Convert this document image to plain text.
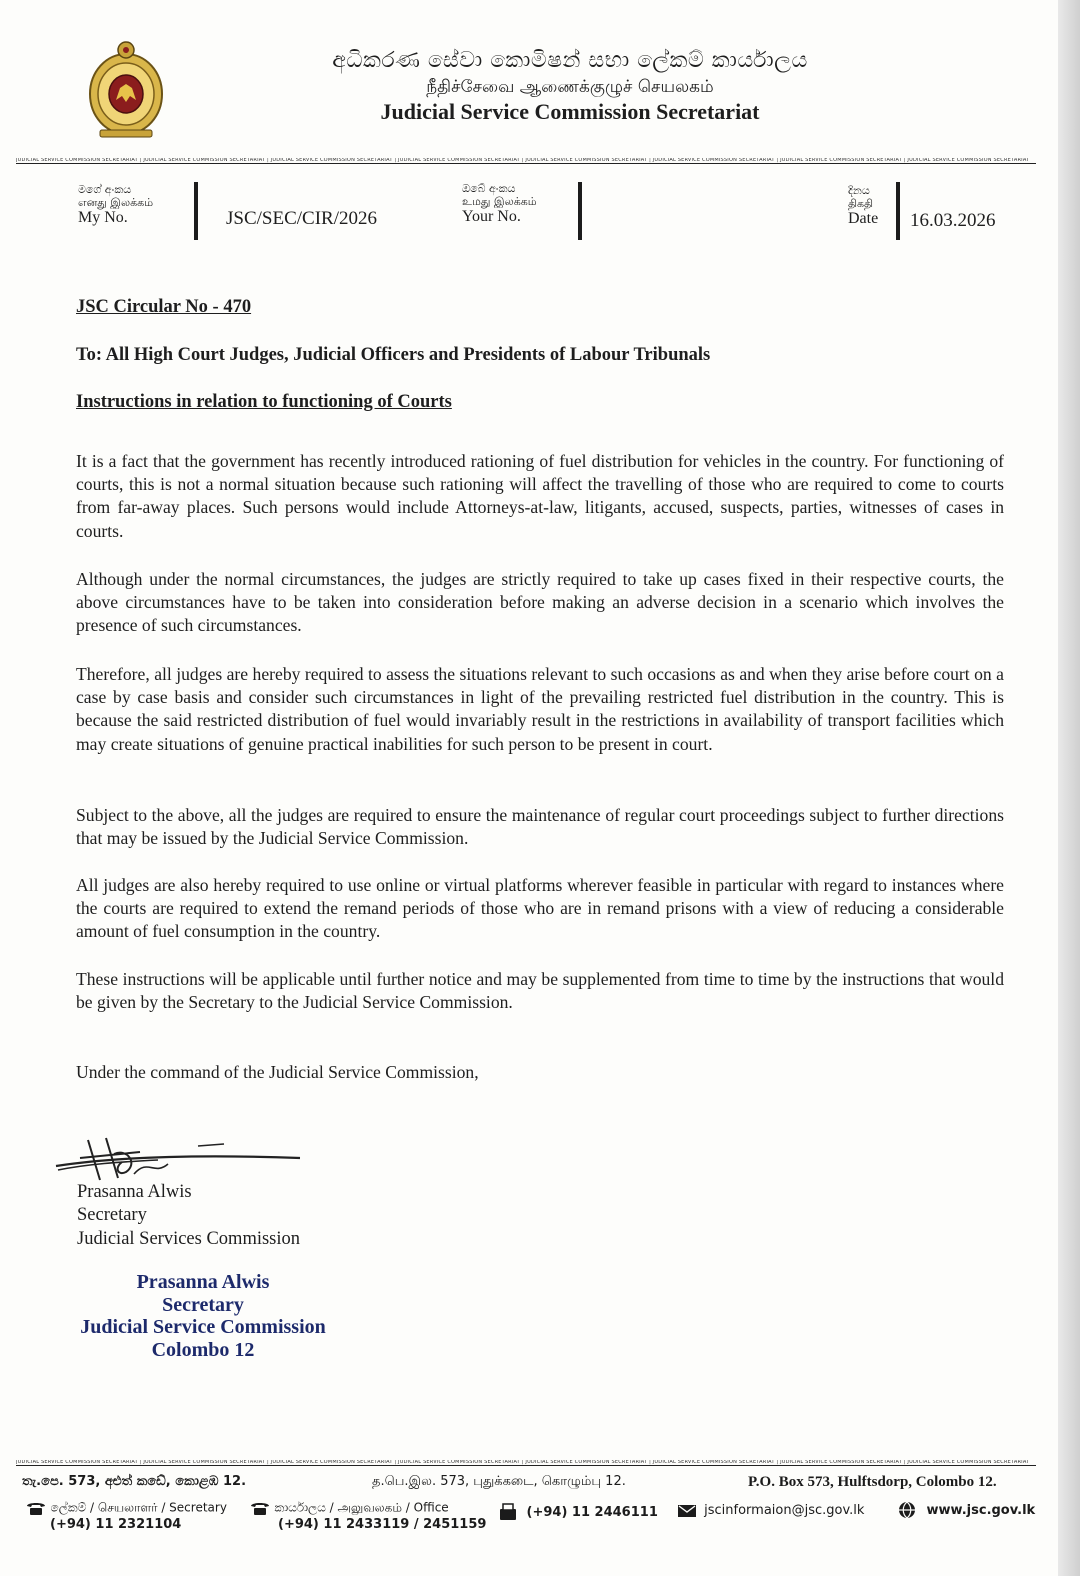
අධිකරණ සේවා කොමිෂන් සභා ලේකම් කාර්යාලය
நீதிச்சேவை ஆணைக்குழுச் செயலகம்
Judicial Service Commission Secretariat
JUDICIAL SERVICE COMMISSION SECRETARIAT | JUDICIAL SERVICE COMMISSION SECRETARIAT | JUDICIAL SERVICE COMMISSION SECRETARIAT | JUDICIAL SERVICE COMMISSION SECRETARIAT | JUDICIAL SERVICE COMMISSION SECRETARIAT | JUDICIAL SERVICE COMMISSION SECRETARIAT | JUDICIAL SERVICE COMMISSION SECRETARIAT | JUDICIAL SERVICE COMMISSION SECRETARIAT
මගේ අංකය
எனது இலக்கம்
My No.	JSC/SEC/CIR/2026
ඔබේ අංකය
உமது இலக்கம்
Your No.
දිනය
திகதி
Date 16.03.2026
JSC Circular No - 470
To: All High Court Judges, Judicial Officers and Presidents of Labour Tribunals
Instructions in relation to functioning of Courts

It is a fact that the government has recently introduced rationing of fuel distribution for vehicles in the country. For functioning of courts, this is not a normal situation because such rationing will affect the travelling of those who are required to come to courts from far-away places. Such persons would include Attorneys-at-law, litigants, accused, suspects, parties, witnesses of cases in courts.

Although under the normal circumstances, the judges are strictly required to take up cases fixed in their respective courts, the above circumstances have to be taken into consideration before making an adverse decision in a scenario which involves the presence of such circumstances.

Therefore, all judges are hereby required to assess the situations relevant to such occasions as and when they arise before court on a case by case basis and consider such circumstances in light of the prevailing restricted fuel distribution in the country. This is because the said restricted distribution of fuel would invariably result in the restrictions in availability of transport facilities which may create situations of genuine practical inabilities for such person to be present in court.

Subject to the above, all the judges are required to ensure the maintenance of regular court proceedings subject to further directions that may be issued by the Judicial Service Commission.

All judges are also hereby required to use online or virtual platforms wherever feasible in particular with regard to instances where the courts are required to extend the remand periods of those who are in remand prisons with a view of reducing a considerable amount of fuel consumption in the country.

These instructions will be applicable until further notice and may be supplemented from time to time by the instructions that would be given by the Secretary to the Judicial Service Commission.

Under the command of the Judicial Service Commission,
Prasanna Alwis
Secretary
Judicial Services Commission
Prasanna Alwis
Secretary
Judicial Service Commission
Colombo 12
JUDICIAL SERVICE COMMISSION SECRETARIAT | JUDICIAL SERVICE COMMISSION SECRETARIAT | JUDICIAL SERVICE COMMISSION SECRETARIAT | JUDICIAL SERVICE COMMISSION SECRETARIAT | JUDICIAL SERVICE COMMISSION SECRETARIAT | JUDICIAL SERVICE COMMISSION SECRETARIAT | JUDICIAL SERVICE COMMISSION SECRETARIAT | JUDICIAL SERVICE COMMISSION SECRETARIAT
තැ.පෙ. 573, අළුත් කඩේ, කොළඹ 12.	த.பெ.இல. 573, புதுக்கடை, கொழும்பு 12.	P.O. Box 573, Hulftsdorp, Colombo 12.
ලේකම් / செயலாளர் / Secretary
(+94) 11 2321104
කාර්යාලය / அலுவலகம் / Office
(+94) 11 2433119 / 2451159
(+94) 11 2446111	jscinformaion@jsc.gov.lk	www.jsc.gov.lk
